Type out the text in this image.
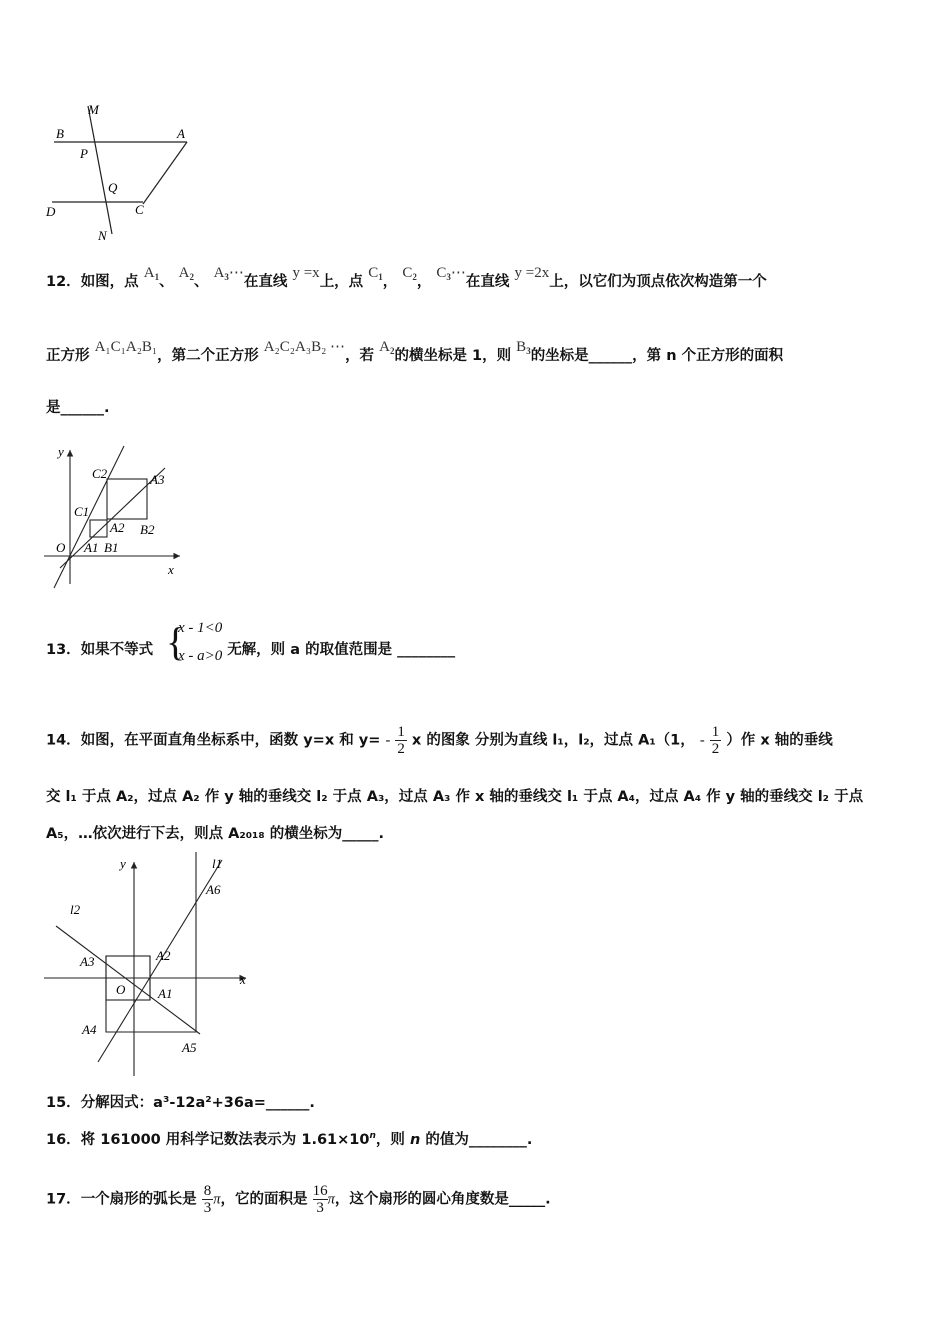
M
B
P
A
Q
D	C
N
12．如图，点 $A_1$、 $A_2$、 $A_3\cdots$在直线 y =x上，点 $C_1$， $C_2$， $C_3\cdots$在直线 y =2x上，以它们为顶点依次构造第一个
正方形 A₁C₁A₂B₁，第二个正方形 A₂C₂A₃B₂ ⋯，若 $A_2$的横坐标是 1，则 $B_3$的坐标是______，第 n 个正方形的面积
是______.
y
x
O
C2	A3
C1
A2 B2
A1 B1
13．如果不等式	无解，则 a 的取值范围是 ________
{
x - 1<0
x - a>0
14．如图，在平面直角坐标系中，函数 y=x 和 $y= - \frac{1}{2}$ x 的图象 分别为直线 l₁，l₂，过点 A₁（1， - $\frac{1}{2}$ ）作 x 轴的垂线
交 l₁ 于点 A₂，过点 A₂ 作 y 轴的垂线交 l₂ 于点 A₃，过点 A₃ 作 x 轴的垂线交 l₁ 于点 A₄，过点 A₄ 作 y 轴的垂线交 l₂ 于点
A₅，…依次进行下去，则点 A₂₀₁₈ 的横坐标为_____.
y
x
l1
l2
A6
A3	A2
O	A1
A4
A5
15．分解因式：a³-12a²+36a=______.
16．将 161000 用科学记数法表示为 $1.61\times 10^n$，则 n 的值为________.
17．一个扇形的弧长是 $\frac{8}{3}$ π，它的面积是 $\frac{16}{3}$ π，这个扇形的圆心角度数是_____.
